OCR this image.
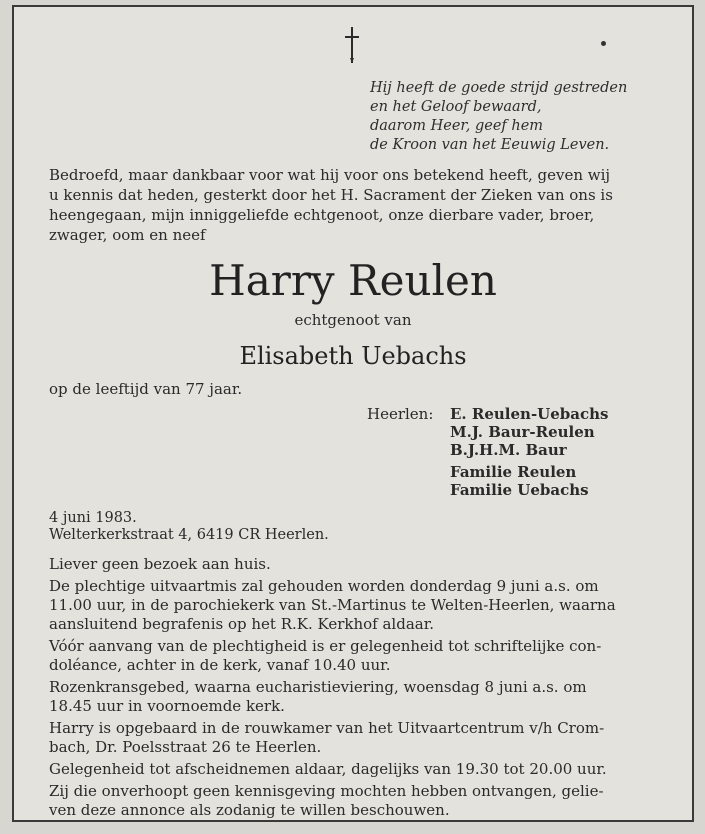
Hij heeft de goede strijd gestreden
en het Geloof bewaard,
daarom Heer, geef hem
de Kroon van het Eeuwig Leven.
Bedroefd, maar dankbaar voor wat hij voor ons betekend heeft, geven wij
u kennis dat heden, gesterkt door het H. Sacrament der Zieken van ons is
heengegaan, mijn inniggeliefde echtgenoot, onze dierbare vader, broer,
zwager, oom en neef
Harry Reulen
echtgenoot van
Elisabeth Uebachs
op de leeftijd van 77 jaar.
Heerlen: E. Reulen-Uebachs
M.J. Baur-Reulen
B.J.H.M. Baur
Familie Reulen
Familie Uebachs
4 juni 1983.
Welterkerkstraat 4, 6419 CR Heerlen.
Liever geen bezoek aan huis.
De plechtige uitvaartmis zal gehouden worden donderdag 9 juni a.s. om
11.00 uur, in de parochiekerk van St.-Martinus te Welten-Heerlen, waarna
aansluitend begrafenis op het R.K. Kerkhof aldaar.
Vóór aanvang van de plechtigheid is er gelegenheid tot schriftelijke con-
doléance, achter in de kerk, vanaf 10.40 uur.
Rozenkransgebed, waarna eucharistieviering, woensdag 8 juni a.s. om
18.45 uur in voornoemde kerk.
Harry is opgebaard in de rouwkamer van het Uitvaartcentrum v/h Crom-
bach, Dr. Poelsstraat 26 te Heerlen.
Gelegenheid tot afscheidnemen aldaar, dagelijks van 19.30 tot 20.00 uur.
Zij die onverhoopt geen kennisgeving mochten hebben ontvangen, gelie-
ven deze annonce als zodanig te willen beschouwen.
